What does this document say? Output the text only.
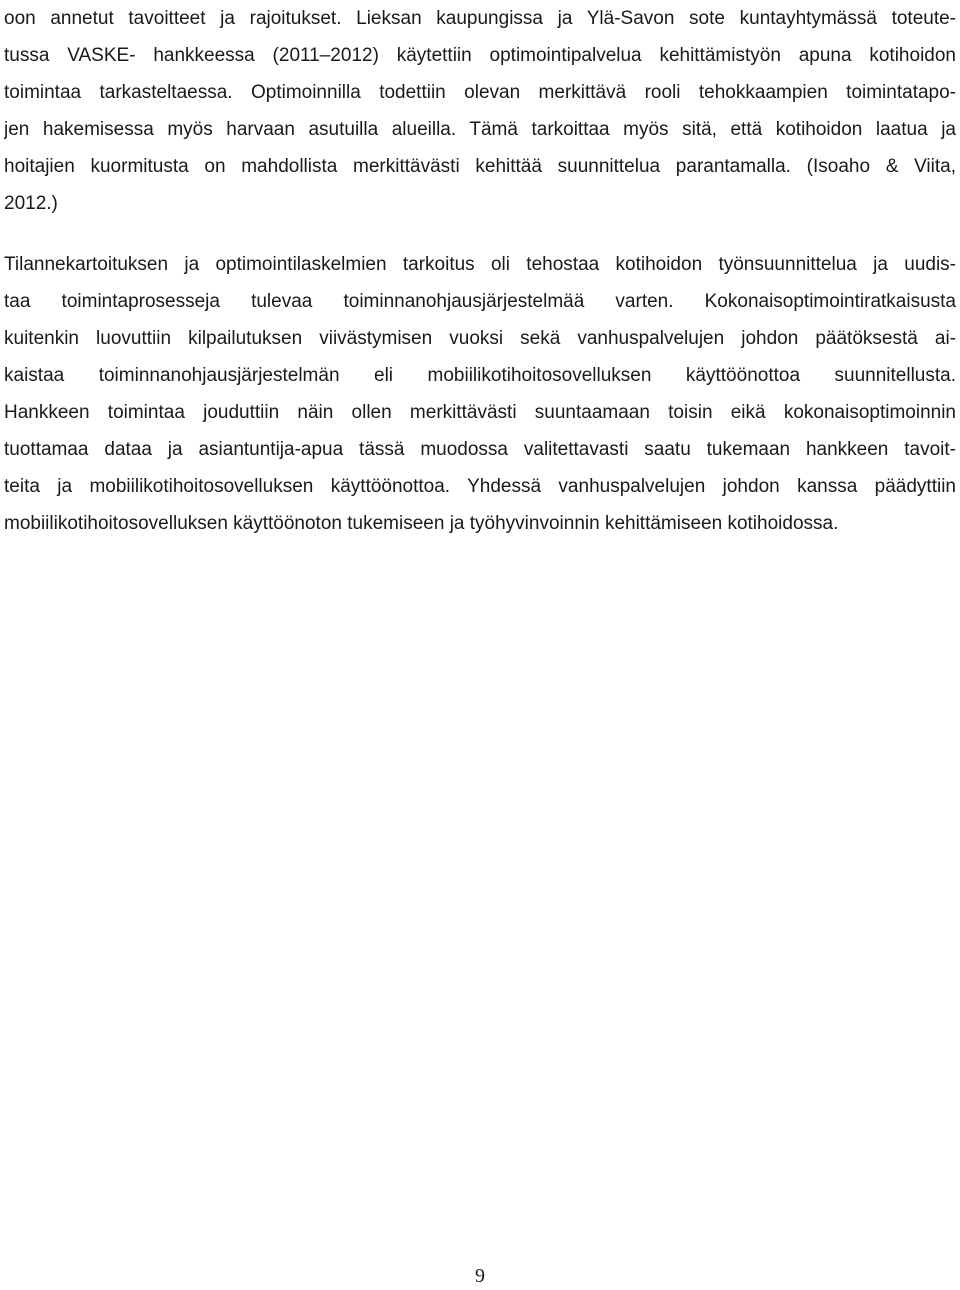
oon annetut tavoitteet ja rajoitukset. Lieksan kaupungissa ja Ylä-Savon sote kuntayhtymässä toteute-
tussa VASKE- hankkeessa (2011–2012) käytettiin optimointipalvelua kehittämistyön apuna kotihoidon
toimintaa tarkasteltaessa. Optimoinnilla todettiin olevan merkittävä rooli tehokkaampien toimintatapo-
jen hakemisessa myös harvaan asutuilla alueilla. Tämä tarkoittaa myös sitä, että kotihoidon laatua ja
hoitajien kuormitusta on mahdollista merkittävästi kehittää suunnittelua parantamalla. (Isoaho & Viita,
2012.)
Tilannekartoituksen ja optimointilaskelmien tarkoitus oli tehostaa kotihoidon työnsuunnittelua ja uudis-
taa toimintaprosesseja tulevaa toiminnanohjausjärjestelmää varten. Kokonaisoptimointiratkaisusta
kuitenkin luovuttiin kilpailutuksen viivästymisen vuoksi sekä vanhuspalvelujen johdon päätöksestä ai-
kaistaa toiminnanohjausjärjestelmän eli mobiilikotihoitosovelluksen käyttöönottoa suunnitellusta.
Hankkeen toimintaa jouduttiin näin ollen merkittävästi suuntaamaan toisin eikä kokonaisoptimoinnin
tuottamaa dataa ja asiantuntija-apua tässä muodossa valitettavasti saatu tukemaan hankkeen tavoit-
teita ja mobiilikotihoitosovelluksen käyttöönottoa. Yhdessä vanhuspalvelujen johdon kanssa päädyttiin
mobiilikotihoitosovelluksen käyttöönoton tukemiseen ja työhyvinvoinnin kehittämiseen kotihoidossa.
9
